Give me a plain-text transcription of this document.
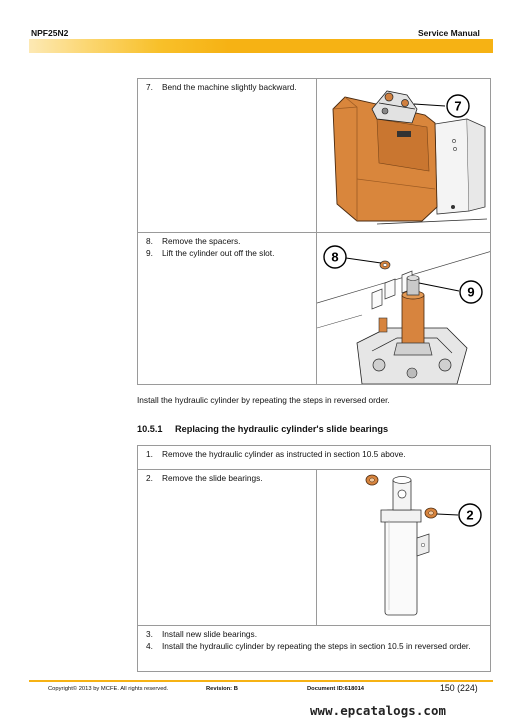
NPF25N2	Service Manual
7.	Bend the machine slightly backward.
7
8.	Remove the spacers.
9.	Lift the cylinder out off the slot.	8
9
Install the hydraulic cylinder by repeating the steps in reversed order.
10.5.1 Replacing the hydraulic cylinder's slide bearings
1.	Remove the hydraulic cylinder as instructed in section 10.5 above.
2.	Remove the slide bearings.
2
3.	Install new slide bearings.
4.	Install the hydraulic cylinder by repeating the steps in section 10.5 in reversed order.
Copyright© 2013 by MCFE. All rights reserved.	Revision: B	Document ID:618014	150 (224)
www.epcatalogs.com
